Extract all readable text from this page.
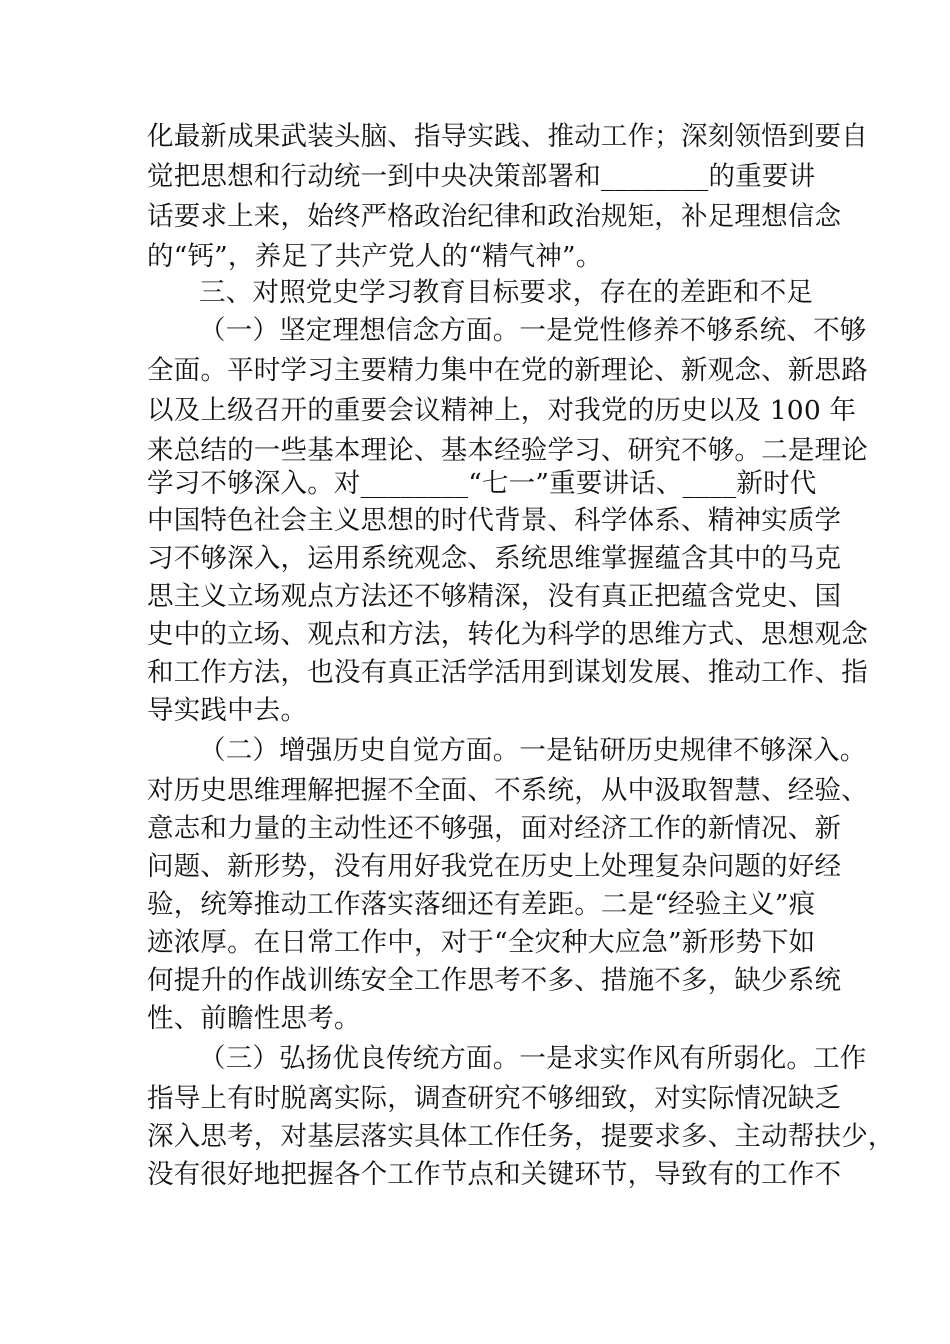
化最新成果武装头脑、指导实践、推动工作；深刻领悟到要自
觉把思想和行动统一到中央决策部署和________的重要讲
话要求上来，始终严格政治纪律和政治规矩，补足理想信念
的“钙”，养足了共产党人的“精气神”。
三、对照党史学习教育目标要求，存在的差距和不足
（一）坚定理想信念方面。一是党性修养不够系统、不够
全面。平时学习主要精力集中在党的新理论、新观念、新思路
以及上级召开的重要会议精神上，对我党的历史以及 100 年
来总结的一些基本理论、基本经验学习、研究不够。二是理论
学习不够深入。对________“七一”重要讲话、____新时代
中国特色社会主义思想的时代背景、科学体系、精神实质学
习不够深入，运用系统观念、系统思维掌握蕴含其中的马克
思主义立场观点方法还不够精深，没有真正把蕴含党史、国
史中的立场、观点和方法，转化为科学的思维方式、思想观念
和工作方法，也没有真正活学活用到谋划发展、推动工作、指
导实践中去。
（二）增强历史自觉方面。一是钻研历史规律不够深入。
对历史思维理解把握不全面、不系统，从中汲取智慧、经验、
意志和力量的主动性还不够强，面对经济工作的新情况、新
问题、新形势，没有用好我党在历史上处理复杂问题的好经
验，统筹推动工作落实落细还有差距。二是“经验主义”痕
迹浓厚。在日常工作中，对于“全灾种大应急”新形势下如
何提升的作战训练安全工作思考不多、措施不多，缺少系统
性、前瞻性思考。
（三）弘扬优良传统方面。一是求实作风有所弱化。工作
指导上有时脱离实际，调查研究不够细致，对实际情况缺乏
深入思考，对基层落实具体工作任务，提要求多、主动帮扶少，
没有很好地把握各个工作节点和关键环节，导致有的工作不
